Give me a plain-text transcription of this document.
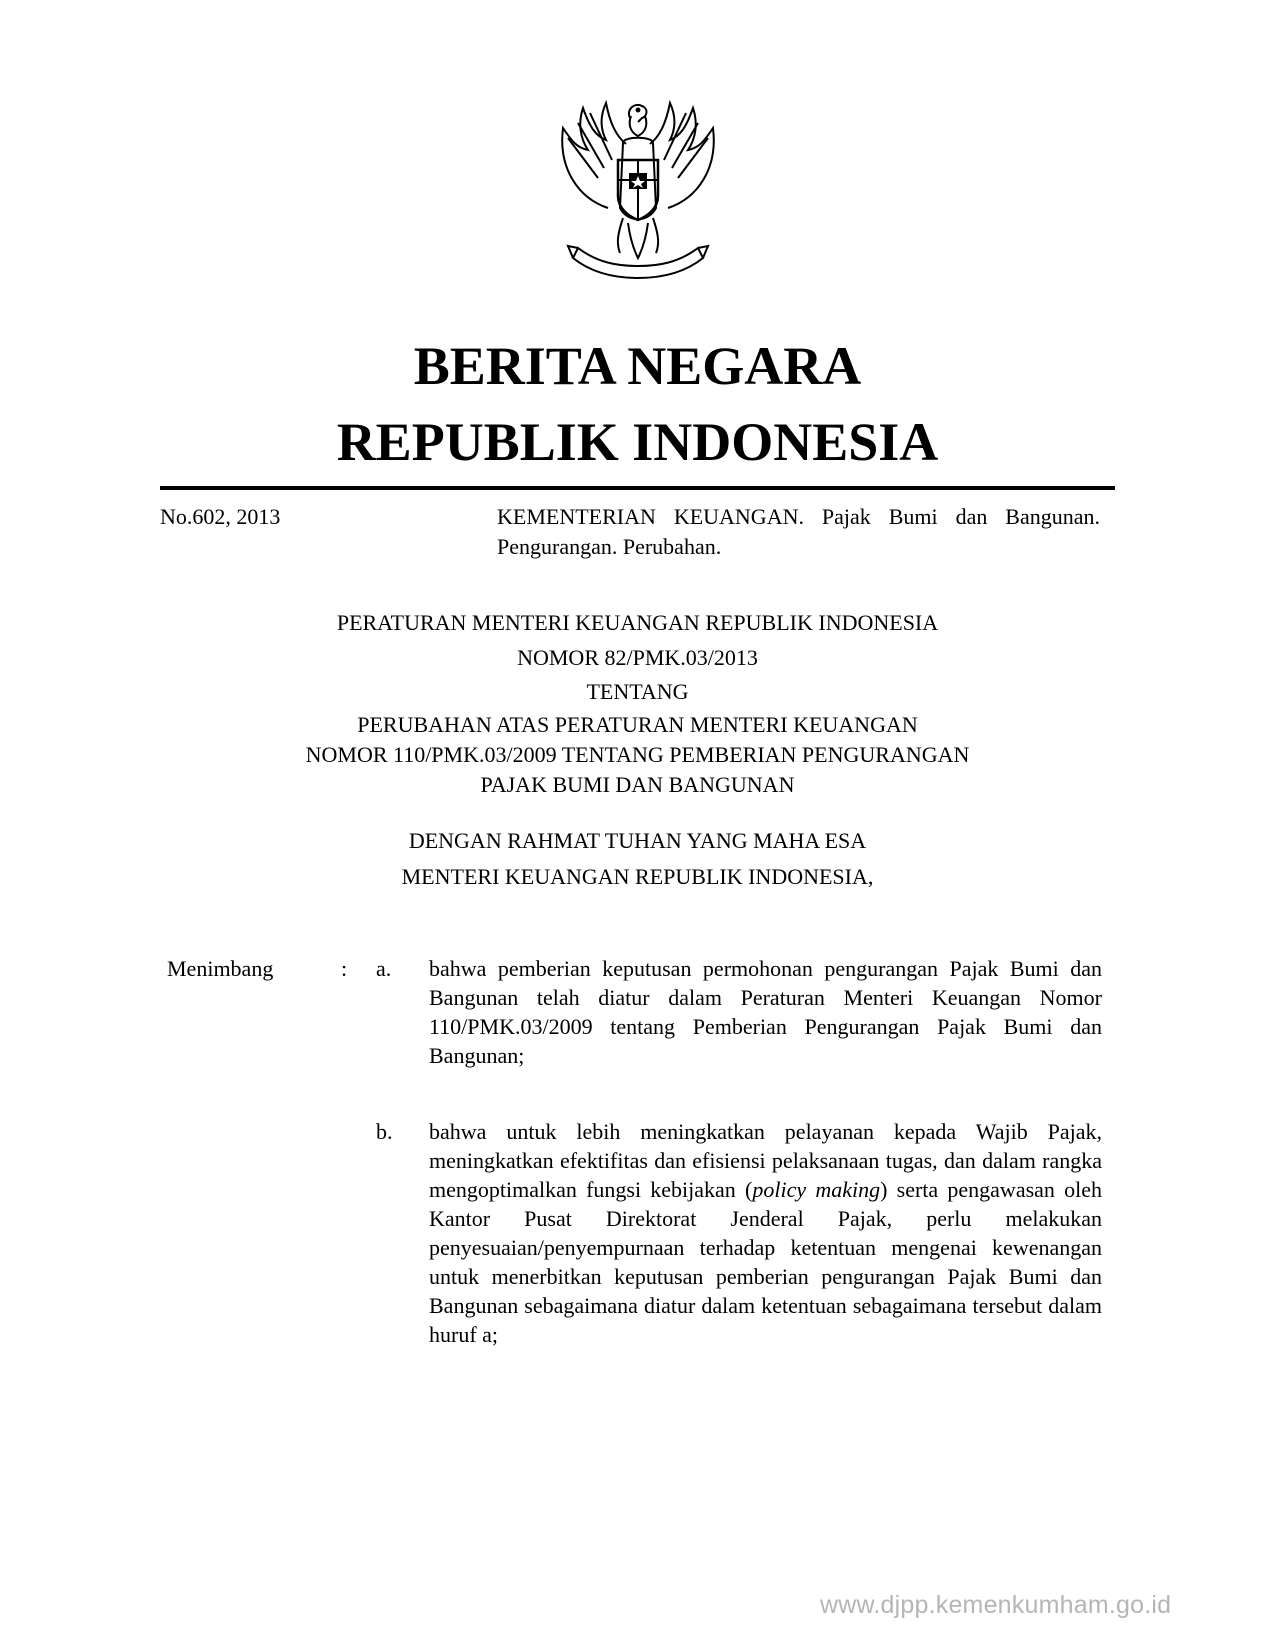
BERITA NEGARA
REPUBLIK INDONESIA
No.602, 2013	KEMENTERIAN KEUANGAN. Pajak Bumi dan Bangunan. Pengurangan. Perubahan.
PERATURAN MENTERI KEUANGAN REPUBLIK INDONESIA
NOMOR 82/PMK.03/2013
TENTANG
PERUBAHAN ATAS PERATURAN MENTERI KEUANGAN
NOMOR 110/PMK.03/2009 TENTANG PEMBERIAN PENGURANGAN
PAJAK BUMI DAN BANGUNAN
DENGAN RAHMAT TUHAN YANG MAHA ESA
MENTERI KEUANGAN REPUBLIK INDONESIA,
Menimbang	: a. bahwa pemberian keputusan permohonan pengurangan Pajak Bumi dan Bangunan telah diatur dalam Peraturan Menteri Keuangan Nomor 110/PMK.03/2009 tentang Pemberian Pengurangan Pajak Bumi dan Bangunan;
b. bahwa untuk lebih meningkatkan pelayanan kepada Wajib Pajak, meningkatkan efektifitas dan efisiensi pelaksanaan tugas, dan dalam rangka mengoptimalkan fungsi kebijakan (policy making) serta pengawasan oleh Kantor Pusat Direktorat Jenderal Pajak, perlu melakukan penyesuaian/penyempurnaan terhadap ketentuan mengenai kewenangan untuk menerbitkan keputusan pemberian pengurangan Pajak Bumi dan Bangunan sebagaimana diatur dalam ketentuan sebagaimana tersebut dalam huruf a;
www.djpp.kemenkumham.go.id
